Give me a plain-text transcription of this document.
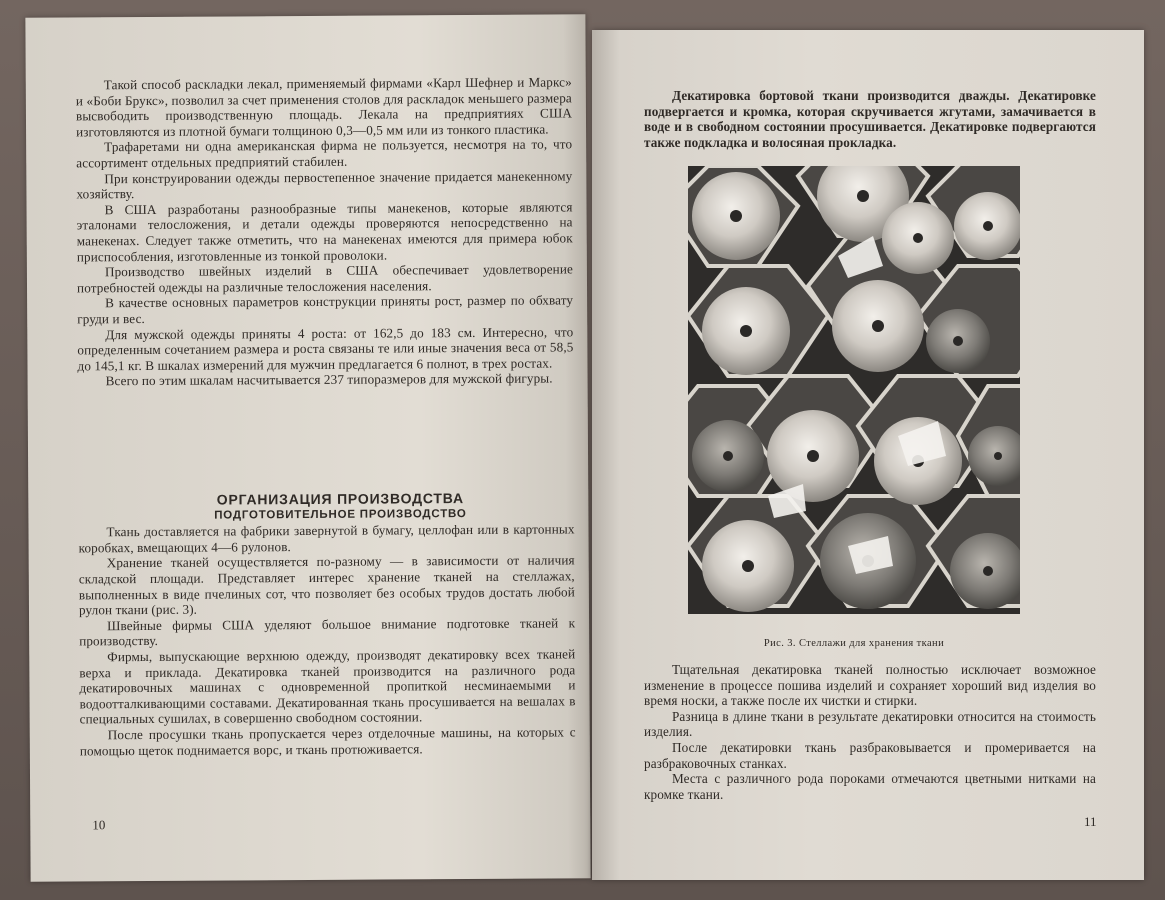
Такой способ раскладки лекал, применяемый фирмами «Карл Шефнер и Маркс» и «Боби Брукс», позволил за счет применения столов для раскладок меньшего размера высвободить производственную площадь. Лекала на предприятиях США изготовляются из плотной бумаги толщиною 0,3—0,5 мм или из тонкого пластика.

Трафаретами ни одна американская фирма не пользуется, несмотря на то, что ассортимент отдельных предприятий стабилен.

При конструировании одежды первостепенное значение придается манекенному хозяйству.

В США разработаны разнообразные типы манекенов, которые являются эталонами телосложения, и детали одежды проверяются непосредственно на манекенах. Следует также отметить, что на манекенах имеются для примера юбок приспособления, изготовленные из тонкой проволоки.

Производство швейных изделий в США обеспечивает удовлетворение потребностей одежды на различные телосложения населения.

В качестве основных параметров конструкции приняты рост, размер по обхвату груди и вес.

Для мужской одежды приняты 4 роста: от 162,5 до 183 см. Интересно, что определенным сочетанием размера и роста связаны те или иные значения веса от 58,5 до 145,1 кг. В шкалах измерений для мужчин предлагается 6 полнот, в трех ростах.

Всего по этим шкалам насчитывается 237 типоразмеров для мужской фигуры.

ОРГАНИЗАЦИЯ ПРОИЗВОДСТВА

ПОДГОТОВИТЕЛЬНОЕ ПРОИЗВОДСТВО

Ткань доставляется на фабрики завернутой в бумагу, целлофан или в картонных коробках, вмещающих 4—6 рулонов.

Хранение тканей осуществляется по-разному — в зависимости от наличия складской площади. Представляет интерес хранение тканей на стеллажах, выполненных в виде пчелиных сот, что позволяет без особых трудов достать любой рулон ткани (рис. 3).

Швейные фирмы США уделяют большое внимание подготовке тканей к производству.

Фирмы, выпускающие верхнюю одежду, производят декатировку всех тканей верха и приклада. Декатировка тканей производится на различного рода декатировочных машинах с одновременной пропиткой несминаемыми и водоотталкивающими составами. Декатированная ткань просушивается на вешалах в специальных сушилах, в совершенно свободном состоянии.

После просушки ткань пропускается через отделочные машины, на которых с помощью щеток поднимается ворс, и ткань протюживается.

10

Декатировка бортовой ткани производится дважды. Декатировке подвергается и кромка, которая скручивается жгутами, замачивается в воде и в свободном состоянии просушивается. Декатировке подвергаются также подкладка и волосяная прокладка.

Рис. 3. Стеллажи для хранения ткани

Тщательная декатировка тканей полностью исключает возможное изменение в процессе пошива изделий и сохраняет хороший вид изделия во время носки, а также после их чистки и стирки.

Разница в длине ткани в результате декатировки относится на стоимость изделия.

После декатировки ткань разбраковывается и промеривается на разбраковочных станках.

Места с различного рода пороками отмечаются цветными нитками на кромке ткани.

11
